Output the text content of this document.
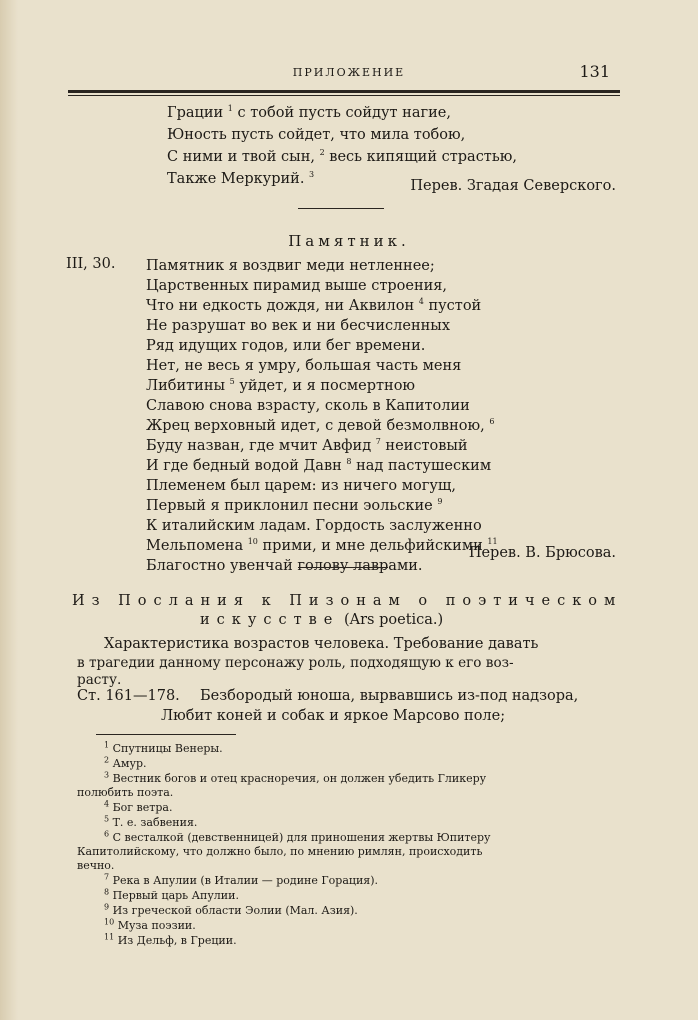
ПРИЛОЖЕНИЕ	131
Грации $^1$ с тобой пусть сойдут нагие,
Юность пусть сойдет, что мила тобою,
С ними и твой сын, $^2$ весь кипящий страстью,
Также Меркурий. $^3$
Перев. Згадая Северского.
Памятник.
III, 30. Памятник я воздвиг меди нетленнее;
Царственных пирамид выше строения,
Что ни едкость дождя, ни Аквилон $^4$ пустой
Не разрушат во век и ни бесчисленных
Ряд идущих годов, или бег времени.
Нет, не весь я умру, большая часть меня
Либитины $^5$ уйдет, и я посмертною
Славою снова взрасту, сколь в Капитолии
Жрец верховный идет, с девой безмолвною, $^6$
Буду назван, где мчит Авфид $^7$ неистовый
И где бедный водой Давн $^8$ над пастушеским
Племенем был царем: из ничего могущ,
Первый я приклонил песни эольские $^9$
К италийским ладам. Гордость заслуженно
Мельпомена $^{10}$ прими, и мне дельфийскими $^{11}$
Благостно увенчай голову лаврами.
Перев. В. Брюсова.
Из Послания к Пизонам о поэтическом
искусстве (Ars poetica.)
Характеристика возрастов человека. Требование давать
в трагедии данному персонажу роль, подходящую к его воз-
расту.
Ст. 161—178. Безбородый юноша, вырвавшись из-под надзора,
Любит коней и собак и яркое Марсово поле;
$^1$ Спутницы Венеры.
$^2$ Амур.
$^3$ Вестник богов и отец красноречия, он должен убедить Гликеру
полюбить поэта.
$^4$ Бог ветра.
$^5$ Т. е. забвения.
$^6$ С весталкой (девственницей) для приношения жертвы Юпитеру
Капитолийскому, что должно было, по мнению римлян, происходить
вечно.
$^7$ Река в Апулии (в Италии — родине Горация).
$^8$ Первый царь Апулии.
$^9$ Из греческой области Эолии (Мал. Азия).
$^{10}$ Муза поэзии.
$^{11}$ Из Дельф, в Греции.
